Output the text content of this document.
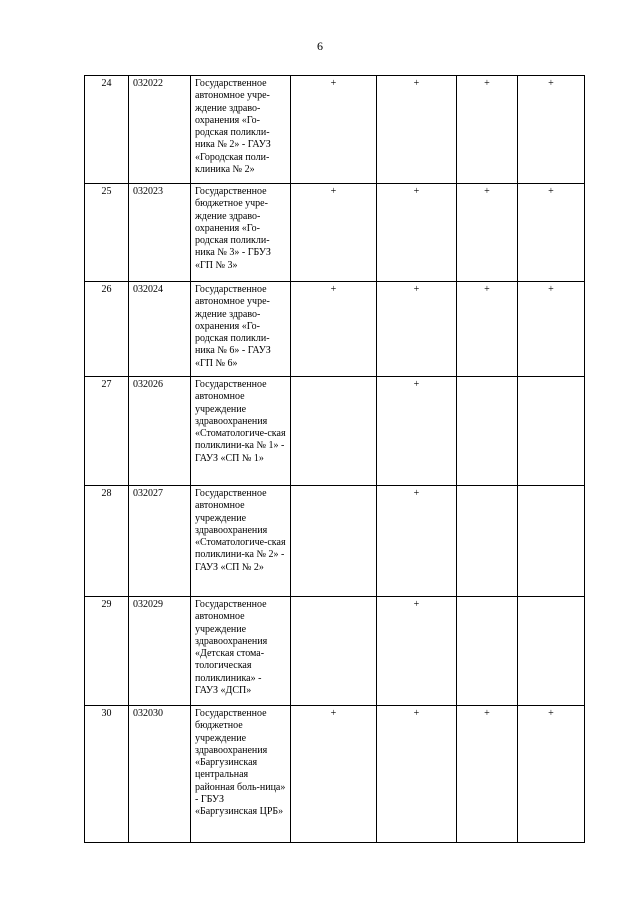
6
24	032022	Государственное автономное учре-ждение здраво-охранения «Го-родская поликли-ника № 2» - ГАУЗ «Городская поли-клиника № 2»	+	+	+	+
25	032023	Государственное бюджетное учре-ждение здраво-охранения «Го-родская поликли-ника № 3» - ГБУЗ «ГП № 3»	+	+	+	+
26	032024	Государственное автономное учре-ждение здраво-охранения «Го-родская поликли-ника № 6» - ГАУЗ «ГП № 6»	+	+	+	+
27	032026	Государственное автономное учреждение здравоохранения «Стоматологиче-ская поликлини-ка № 1» - ГАУЗ «СП № 1»		+		
28	032027	Государственное автономное учреждение здравоохранения «Стоматологиче-ская поликлини-ка № 2» - ГАУЗ «СП № 2»		+		
29	032029	Государственное автономное учреждение здравоохранения «Детская стома-тологическая поликлиника» - ГАУЗ «ДСП»		+		
30	032030	Государственное бюджетное учреждение здравоохранения «Баргузинская центральная районная боль-ница» - ГБУЗ «Баргузинская ЦРБ»	+	+	+	+
